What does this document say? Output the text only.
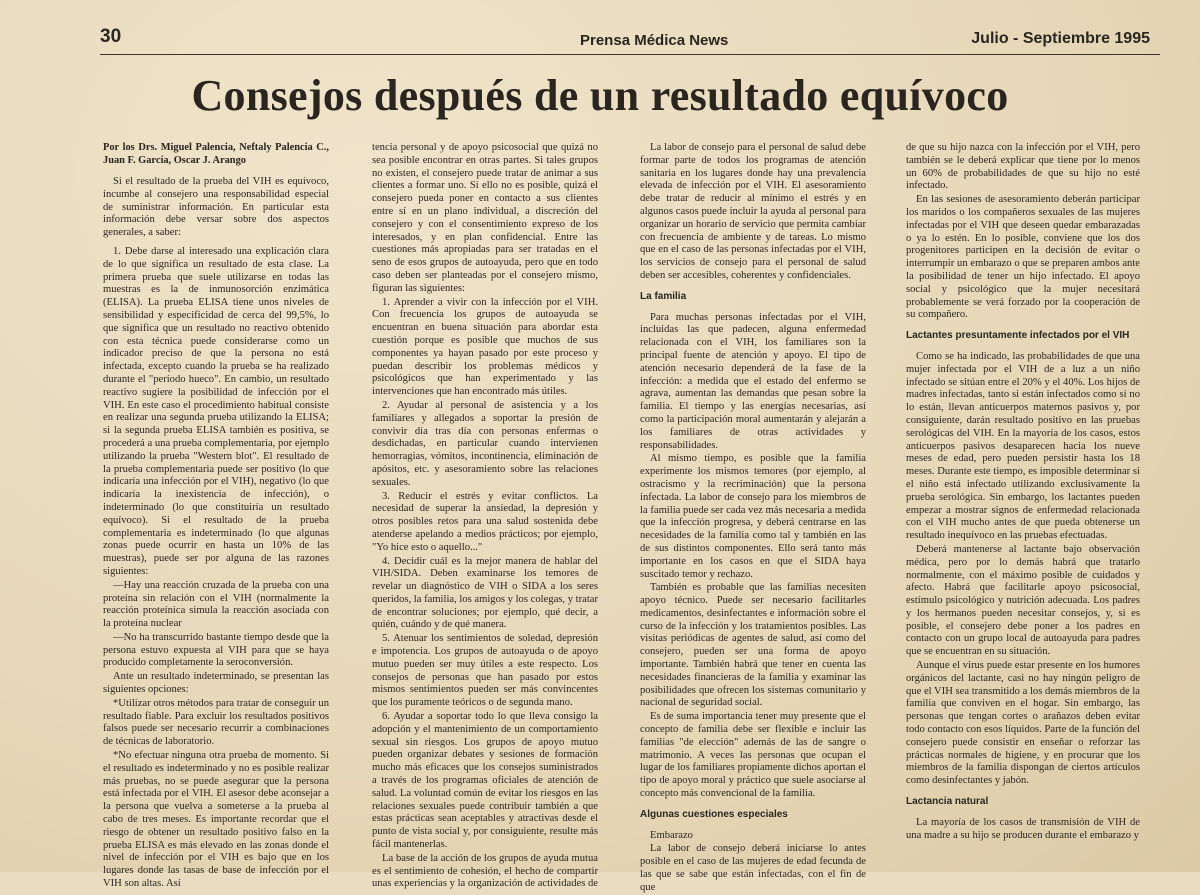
30	Prensa Médica News	Julio - Septiembre 1995
Consejos después de un resultado equívoco

Por los Drs. Miguel Palencia, Neftaly Palencia C., Juan F. García, Oscar J. Arango

Si el resultado de la prueba del VIH es equívoco, incumbe al consejero una responsabilidad especial de suministrar información. En particular esta información debe versar sobre dos aspectos generales, a saber:

1. Debe darse al interesado una explicación clara de lo que significa un resultado de esta clase. La primera prueba que suele utilizarse en todas las muestras es la de inmunosorción enzimática (ELISA). La prueba ELISA tiene unos niveles de sensibilidad y especificidad de cerca del 99,5%, lo que significa que un resultado no reactivo obtenido con esta técnica puede considerarse como un indicador preciso de que la persona no está infectada, excepto cuando la prueba se ha realizado durante el "período hueco". En cambio, un resultado reactivo sugiere la posibilidad de infección por el VIH. En este caso el procedimiento habitual consiste en realizar una segunda prueba utilizando la ELISA; si la segunda prueba ELISA también es positiva, se procederá a una prueba complementaria, por ejemplo utilizando la prueba "Western blot". El resultado de la prueba complementaria puede ser positivo (lo que indicaría una infección por el VIH), negativo (lo que indicaría la inexistencia de infección), o indeterminado (lo que constituiría un resultado equívoco). Si el resultado de la prueba complementaria es indeterminado (lo que algunas zonas puede ocurrir en hasta un 10% de las muestras), puede ser por alguna de las razones siguientes:

—Hay una reacción cruzada de la prueba con una proteína sin relación con el VIH (normalmente la reacción proteínica simula la reacción asociada con la proteína nuclear

—No ha transcurrido bastante tiempo desde que la persona estuvo expuesta al VIH para que se haya producido completamente la seroconversión.

Ante un resultado indeterminado, se presentan las siguientes opciones:

*Utilizar otros métodos para tratar de conseguir un resultado fiable. Para excluir los resultados positivos falsos puede ser necesario recurrir a combinaciones de técnicas de laboratorio.

*No efectuar ninguna otra prueba de momento. Si el resultado es indeterminado y no es posible realizar más pruebas, no se puede asegurar que la persona está infectada por el VIH. El asesor debe aconsejar a la persona que vuelva a someterse a la prueba al cabo de tres meses. Es importante recordar que el riesgo de obtener un resultado positivo falso en la prueba ELISA es más elevado en las zonas donde el nivel de infección por el VIH es bajo que en los lugares donde las tasas de base de infección por el VIH son altas. Así

tencia personal y de apoyo psicosocial que quizá no sea posible encontrar en otras partes. Si tales grupos no existen, el consejero puede tratar de animar a sus clientes a formar uno. Si ello no es posible, quizá el consejero pueda poner en contacto a sus clientes entre sí en un plano individual, a discreción del consejero y con el consentimiento expreso de los interesados, y en plan confidencial. Entre las cuestiones más apropiadas para ser tratadas en el seno de esos grupos de autoayuda, pero que en todo caso deben ser planteadas por el consejero mismo, figuran las siguientes:

1. Aprender a vivir con la infección por el VIH. Con frecuencia los grupos de autoayuda se encuentran en buena situación para abordar esta cuestión porque es posible que muchos de sus componentes ya hayan pasado por este proceso y puedan describir los problemas médicos y psicológicos que han experimentado y las intervenciones que han encontrado más útiles.

2. Ayudar al personal de asistencia y a los familiares y allegados a soportar la presión de convivir día tras día con personas enfermas o desdichadas, en particular cuando intervienen hemorragias, vómitos, incontinencia, eliminación de apósitos, etc. y asesoramiento sobre las relaciones sexuales.

3. Reducir el estrés y evitar conflictos. La necesidad de superar la ansiedad, la depresión y otros posibles retos para una salud sostenida debe atenderse apelando a medios prácticos; por ejemplo, "Yo hice esto o aquello..."

4. Decidir cuál es la mejor manera de hablar del VIH/SIDA. Deben examinarse los temores de revelar un diagnóstico de VIH o SIDA a los seres queridos, la familia, los amigos y los colegas, y tratar de encontrar soluciones; por ejemplo, qué decir, a quién, cuándo y de qué manera.

5. Atenuar los sentimientos de soledad, depresión e impotencia. Los grupos de autoayuda o de apoyo mutuo pueden ser muy útiles a este respecto. Los consejos de personas que han pasado por estos mismos sentimientos pueden ser más convincentes que los puramente teóricos o de segunda mano.

6. Ayudar a soportar todo lo que lleva consigo la adopción y el mantenimiento de un comportamiento sexual sin riesgos. Los grupos de apoyo mutuo pueden organizar debates y sesiones de formación mucho más eficaces que los consejos suministrados a través de los programas oficiales de atención de salud. La voluntad común de evitar los riesgos en las relaciones sexuales puede contribuir también a que estas prácticas sean aceptables y atractivas desde el punto de vista social y, por consiguiente, resulte más fácil mantenerlas.

La base de la acción de los grupos de ayuda mutua es el sentimiento de cohesión, el hecho de compartir unas experiencias y la organización de actividades de

La labor de consejo para el personal de salud debe formar parte de todos los programas de atención sanitaria en los lugares donde hay una prevalencia elevada de infección por el VIH. El asesoramiento debe tratar de reducir al mínimo el estrés y en algunos casos puede incluir la ayuda al personal para organizar un horario de servicio que permita cambiar con frecuencia de ambiente y de tareas. Lo mismo que en el caso de las personas infectadas por el VIH, los servicios de consejo para el personal de salud deben ser accesibles, coherentes y confidenciales.

La familia

Para muchas personas infectadas por el VIH, incluidas las que padecen, alguna enfermedad relacionada con el VIH, los familiares son la principal fuente de atención y apoyo. El tipo de atención necesario dependerá de la fase de la infección: a medida que el estado del enfermo se agrava, aumentan las demandas que pesan sobre la familia. El tiempo y las energías necesarias, así como la participación moral aumentarán y alejarán a los familiares de otras actividades y responsabilidades.

Al mismo tiempo, es posible que la familia experimente los mismos temores (por ejemplo, al ostracismo y la recriminación) que la persona infectada. La labor de consejo para los miembros de la familia puede ser cada vez más necesaria a medida que la infección progresa, y deberá centrarse en las necesidades de la familia como tal y también en las de sus distintos componentes. Ello será tanto más importante en los casos en que el SIDA haya suscitado temor y rechazo.

También es probable que las familias necesiten apoyo técnico. Puede ser necesario facilitarles medicamentos, desinfectantes e información sobre el curso de la infección y los tratamientos posibles. Las visitas periódicas de agentes de salud, así como del consejero, pueden ser una forma de apoyo importante. También habrá que tener en cuenta las necesidades financieras de la familia y examinar las posibilidades que ofrecen los sistemas comunitario y nacional de seguridad social.

Es de suma importancia tener muy presente que el concepto de familia debe ser flexible e incluir las familias "de elección" además de las de sangre o matrimonio. A veces las personas que ocupan el lugar de los familiares propiamente dichos aportan el tipo de apoyo moral y práctico que suele asociarse al concepto más convencional de la familia.

Algunas cuestiones especiales

Embarazo

La labor de consejo deberá iniciarse lo antes posible en el caso de las mujeres de edad fecunda de las que se sabe que están infectadas, con el fin de que

de que su hijo nazca con la infección por el VIH, pero también se le deberá explicar que tiene por lo menos un 60% de probabilidades de que su hijo no esté infectado.

En las sesiones de asesoramiento deberán participar los maridos o los compañeros sexuales de las mujeres infectadas por el VIH que deseen quedar embarazadas o ya lo estén. En lo posible, conviene que los dos progenitores participen en la decisión de evitar o interrumpir un embarazo o que se preparen ambos ante la posibilidad de tener un hijo infectado. El apoyo social y psicológico que la mujer necesitará probablemente se verá forzado por la cooperación de su compañero.

Lactantes presuntamente infectados por el VIH

Como se ha indicado, las probabilidades de que una mujer infectada por el VIH de a luz a un niño infectado se sitúan entre el 20% y el 40%. Los hijos de madres infectadas, tanto si están infectados como si no lo están, llevan anticuerpos maternos pasivos y, por consiguiente, darán resultado positivo en las pruebas serológicas del VIH. En la mayoría de los casos, estos anticuerpos pasivos desaparecen hacia los nueve meses de edad, pero pueden persistir hasta los 18 meses. Durante este tiempo, es imposible determinar si el niño está infectado utilizando exclusivamente la prueba serológica. Sin embargo, los lactantes pueden empezar a mostrar signos de enfermedad relacionada con el VIH mucho antes de que pueda obtenerse un resultado inequívoco en las pruebas efectuadas.

Deberá mantenerse al lactante bajo observación médica, pero por lo demás habrá que tratarlo normalmente, con el máximo posible de cuidados y afecto. Habrá que facilitarle apoyo psicosocial, estímulo psicológico y nutrición adecuada. Los padres y los hermanos pueden necesitar consejos, y, si es posible, el consejero debe poner a los padres en contacto con un grupo local de autoayuda para padres que se encuentran en su situación.

Aunque el virus puede estar presente en los humores orgánicos del lactante, casi no hay ningún peligro de que el VIH sea transmitido a los demás miembros de la familia que conviven en el hogar. Sin embargo, las personas que tengan cortes o arañazos deben evitar todo contacto con esos líquidos. Parte de la función del consejero puede consistir en enseñar o reforzar las prácticas normales de higiene, y en procurar que los miembros de la familia dispongan de ciertos artículos como desinfectantes y jabón.

Lactancia natural

La mayoría de los casos de transmisión de VIH de una madre a su hijo se producen durante el embarazo y
